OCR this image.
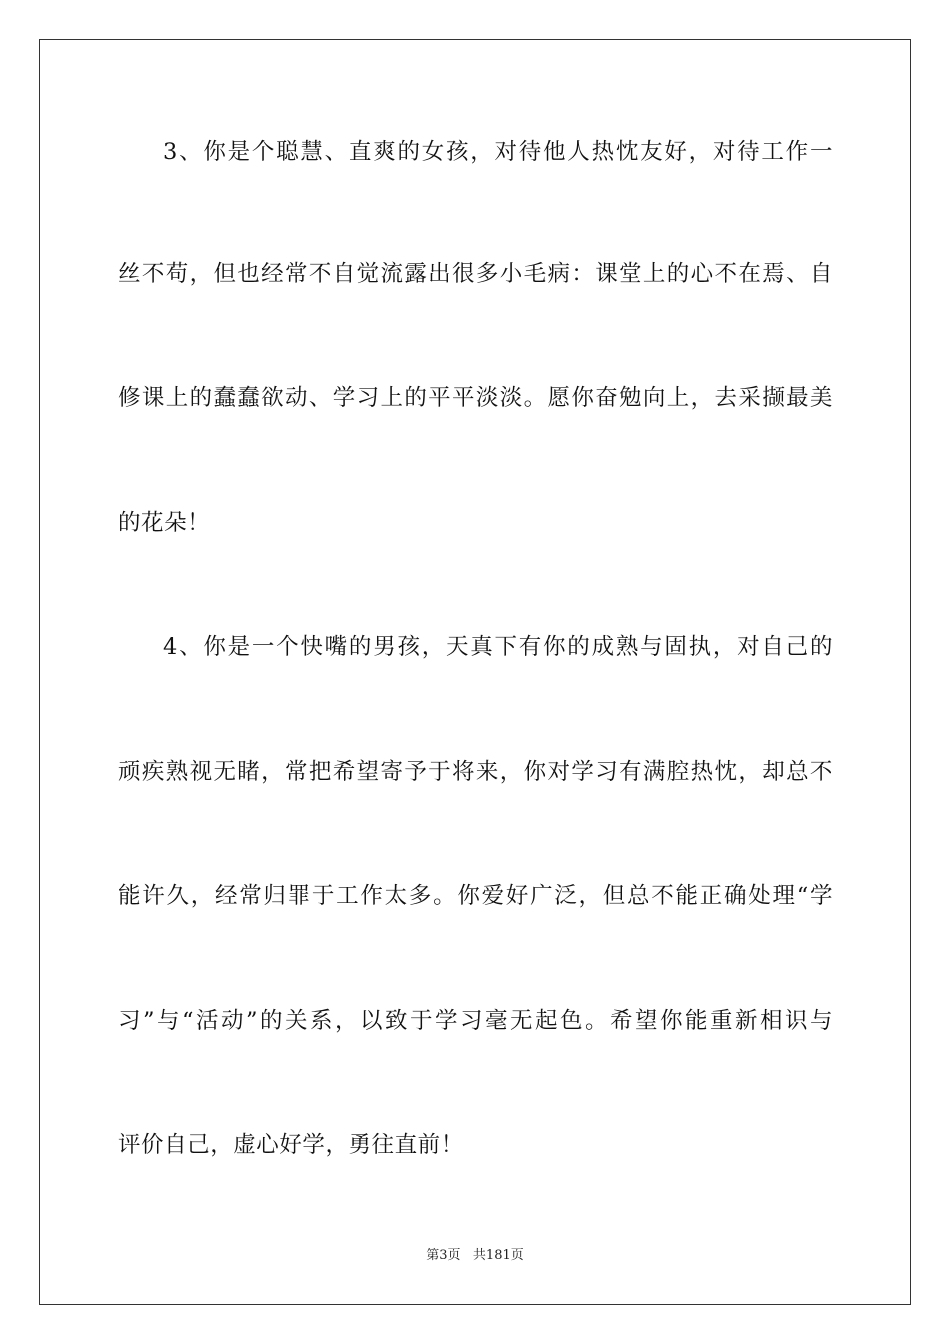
3、你是个聪慧、直爽的女孩，对待他人热忱友好，对待工作一
丝不苟，但也经常不自觉流露出很多小毛病：课堂上的心不在焉、自
修课上的蠢蠢欲动、学习上的平平淡淡。愿你奋勉向上，去采撷最美
的花朵！
4、你是一个快嘴的男孩，天真下有你的成熟与固执，对自己的
顽疾熟视无睹，常把希望寄予于将来，你对学习有满腔热忱，却总不
能许久，经常归罪于工作太多。你爱好广泛，但总不能正确处理“学
习”与“活动”的关系，以致于学习毫无起色。希望你能重新相识与
评价自己，虚心好学，勇往直前！
第3页 共181页
